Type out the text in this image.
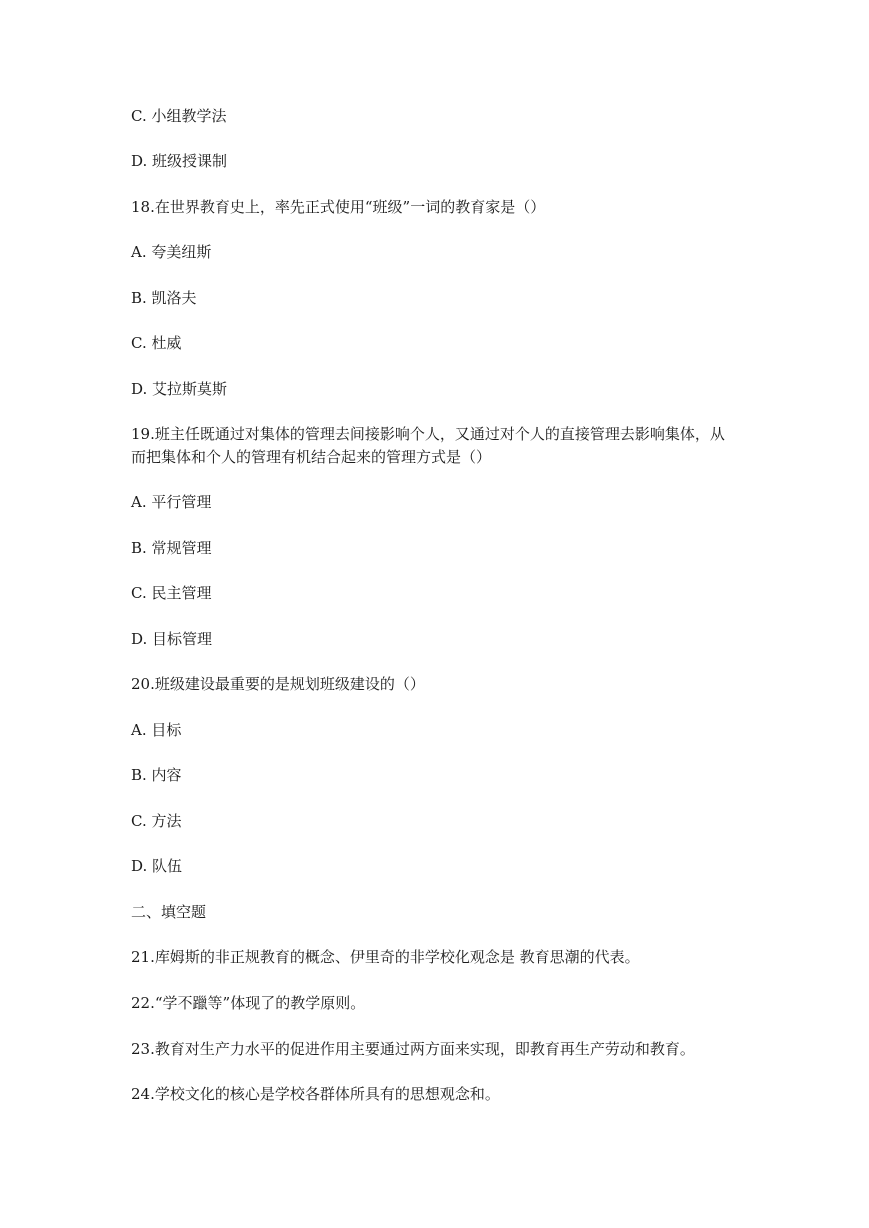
C. 小组教学法
D. 班级授课制
18.在世界教育史上，率先正式使用“班级”一词的教育家是（）
A. 夸美纽斯
B. 凯洛夫
C. 杜威
D. 艾拉斯莫斯
19.班主任既通过对集体的管理去间接影响个人，又通过对个人的直接管理去影响集体，从
而把集体和个人的管理有机结合起来的管理方式是（）
A. 平行管理
B. 常规管理
C. 民主管理
D. 目标管理
20.班级建设最重要的是规划班级建设的（）
A. 目标
B. 内容
C. 方法
D. 队伍
二、填空题
21.库姆斯的非正规教育的概念、伊里奇的非学校化观念是 教育思潮的代表。
22.“学不躐等”体现了的教学原则。
23.教育对生产力水平的促进作用主要通过两方面来实现，即教育再生产劳动和教育。
24.学校文化的核心是学校各群体所具有的思想观念和。
